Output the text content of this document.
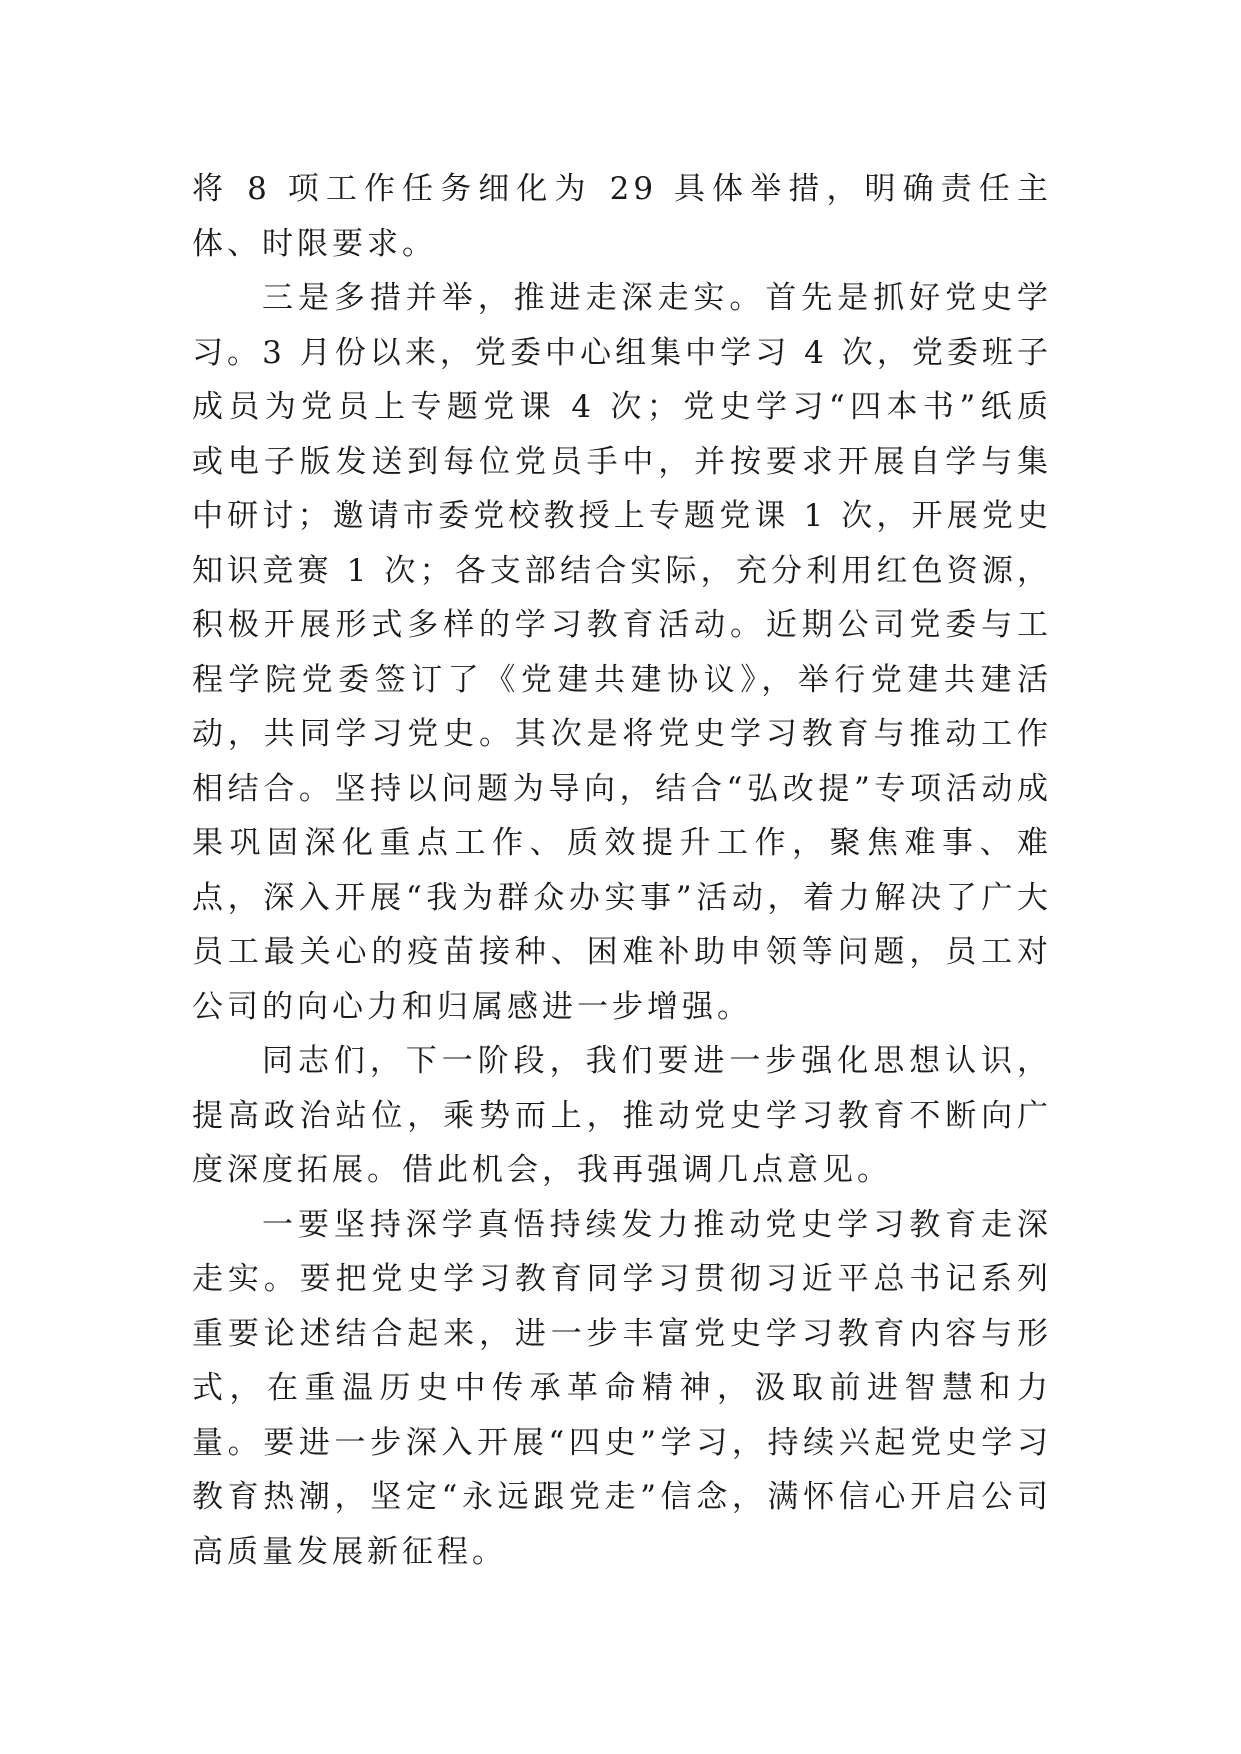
将 8 项工作任务细化为 29 具体举措，明确责任主体、时限要求。

三是多措并举，推进走深走实。首先是抓好党史学习。3 月份以来，党委中心组集中学习 4 次，党委班子成员为党员上专题党课 4 次；党史学习“四本书”纸质或电子版发送到每位党员手中，并按要求开展自学与集中研讨；邀请市委党校教授上专题党课 1 次，开展党史知识竞赛 1 次；各支部结合实际，充分利用红色资源，积极开展形式多样的学习教育活动。近期公司党委与工程学院党委签订了《党建共建协议》，举行党建共建活动，共同学习党史。其次是将党史学习教育与推动工作相结合。坚持以问题为导向，结合“弘改提”专项活动成果巩固深化重点工作、质效提升工作，聚焦难事、难点，深入开展“我为群众办实事”活动，着力解决了广大员工最关心的疫苗接种、困难补助申领等问题，员工对公司的向心力和归属感进一步增强。

同志们，下一阶段，我们要进一步强化思想认识，提高政治站位，乘势而上，推动党史学习教育不断向广度深度拓展。借此机会，我再强调几点意见。

一要坚持深学真悟持续发力推动党史学习教育走深走实。要把党史学习教育同学习贯彻习近平总书记系列重要论述结合起来，进一步丰富党史学习教育内容与形式，在重温历史中传承革命精神，汲取前进智慧和力量。要进一步深入开展“四史”学习，持续兴起党史学习教育热潮，坚定“永远跟党走”信念，满怀信心开启公司高质量发展新征程。
